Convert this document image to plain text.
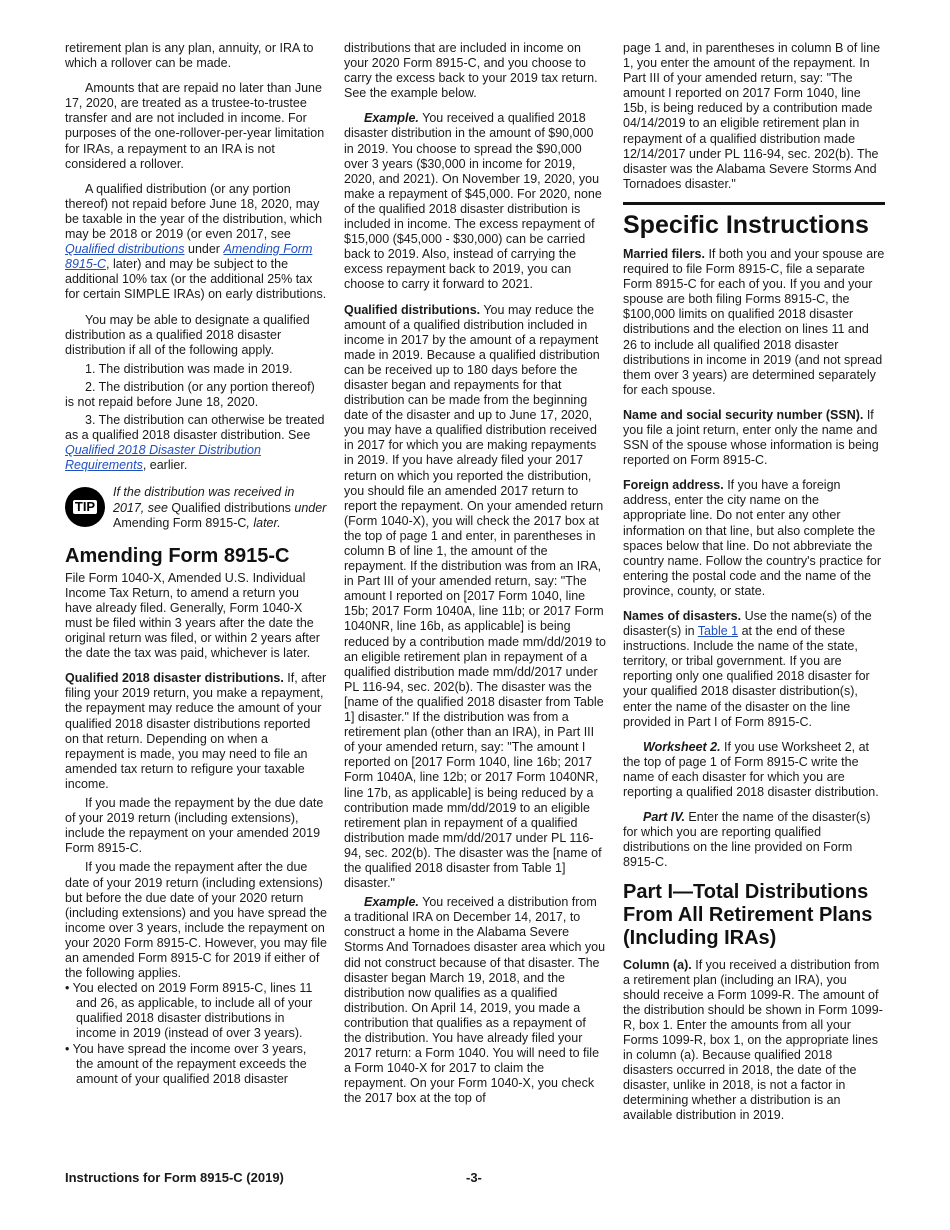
retirement plan is any plan, annuity, or IRA to which a rollover can be made.

Amounts that are repaid no later than June 17, 2020, are treated as a trustee-to-trustee transfer and are not included in income. For purposes of the one-rollover-per-year limitation for IRAs, a repayment to an IRA is not considered a rollover.

A qualified distribution (or any portion thereof) not repaid before June 18, 2020, may be taxable in the year of the distribution, which may be 2018 or 2019 (or even 2017, see Qualified distributions under Amending Form 8915-C, later) and may be subject to the additional 10% tax (or the additional 25% tax for certain SIMPLE IRAs) on early distributions.

You may be able to designate a qualified distribution as a qualified 2018 disaster distribution if all of the following apply.

1. The distribution was made in 2019.

2. The distribution (or any portion thereof) is not repaid before June 18, 2020.

3. The distribution can otherwise be treated as a qualified 2018 disaster distribution. See Qualified 2018 Disaster Distribution Requirements, earlier.

TIP
If the distribution was received in 2017, see Qualified distributions under Amending Form 8915-C, later.
Amending Form 8915-C

File Form 1040-X, Amended U.S. Individual Income Tax Return, to amend a return you have already filed. Generally, Form 1040-X must be filed within 3 years after the date the original return was filed, or within 2 years after the date the tax was paid, whichever is later.

Qualified 2018 disaster distributions. If, after filing your 2019 return, you make a repayment, the repayment may reduce the amount of your qualified 2018 disaster distributions reported on that return. Depending on when a repayment is made, you may need to file an amended tax return to refigure your taxable income.

If you made the repayment by the due date of your 2019 return (including extensions), include the repayment on your amended 2019 Form 8915-C.

If you made the repayment after the due date of your 2019 return (including extensions) but before the due date of your 2020 return (including extensions) and you have spread the income over 3 years, include the repayment on your 2020 Form 8915-C. However, you may file an amended Form 8915-C for 2019 if either of the following applies.

• You elected on 2019 Form 8915-C, lines 11 and 26, as applicable, to include all of your qualified 2018 disaster distributions in income in 2019 (instead of over 3 years).

• You have spread the income over 3 years, the amount of the repayment exceeds the amount of your qualified 2018 disaster

distributions that are included in income on your 2020 Form 8915-C, and you choose to carry the excess back to your 2019 tax return. See the example below.

Example. You received a qualified 2018 disaster distribution in the amount of $90,000 in 2019. You choose to spread the $90,000 over 3 years ($30,000 in income for 2019, 2020, and 2021). On November 19, 2020, you make a repayment of $45,000. For 2020, none of the qualified 2018 disaster distribution is included in income. The excess repayment of $15,000 ($45,000 - $30,000) can be carried back to 2019. Also, instead of carrying the excess repayment back to 2019, you can choose to carry it forward to 2021.

Qualified distributions. You may reduce the amount of a qualified distribution included in income in 2017 by the amount of a repayment made in 2019. Because a qualified distribution can be received up to 180 days before the disaster began and repayments for that distribution can be made from the beginning date of the disaster and up to June 17, 2020, you may have a qualified distribution received in 2017 for which you are making repayments in 2019. If you have already filed your 2017 return on which you reported the distribution, you should file an amended 2017 return to report the repayment. On your amended return (Form 1040-X), you will check the 2017 box at the top of page 1 and enter, in parentheses in column B of line 1, the amount of the repayment. If the distribution was from an IRA, in Part III of your amended return, say: "The amount I reported on [2017 Form 1040, line 15b; 2017 Form 1040A, line 11b; or 2017 Form 1040NR, line 16b, as applicable] is being reduced by a contribution made mm/dd/2019 to an eligible retirement plan in repayment of a qualified distribution made mm/dd/2017 under PL 116-94, sec. 202(b). The disaster was the [name of the qualified 2018 disaster from Table 1] disaster." If the distribution was from a retirement plan (other than an IRA), in Part III of your amended return, say: "The amount I reported on [2017 Form 1040, line 16b; 2017 Form 1040A, line 12b; or 2017 Form 1040NR, line 17b, as applicable] is being reduced by a contribution made mm/dd/2019 to an eligible retirement plan in repayment of a qualified distribution made mm/dd/2017 under PL 116-94, sec. 202(b). The disaster was the [name of the qualified 2018 disaster from Table 1] disaster."

Example. You received a distribution from a traditional IRA on December 14, 2017, to construct a home in the Alabama Severe Storms And Tornadoes disaster area which you did not construct because of that disaster. The disaster began March 19, 2018, and the distribution now qualifies as a qualified distribution. On April 14, 2019, you made a contribution that qualifies as a repayment of the distribution. You have already filed your 2017 return: a Form 1040. You will need to file a Form 1040-X for 2017 to claim the repayment. On your Form 1040-X, you check the 2017 box at the top of

page 1 and, in parentheses in column B of line 1, you enter the amount of the repayment. In Part III of your amended return, say: "The amount I reported on 2017 Form 1040, line 15b, is being reduced by a contribution made 04/14/2019 to an eligible retirement plan in repayment of a qualified distribution made 12/14/2017 under PL 116-94, sec. 202(b). The disaster was the Alabama Severe Storms And Tornadoes disaster."

Specific Instructions

Married filers. If both you and your spouse are required to file Form 8915-C, file a separate Form 8915-C for each of you. If you and your spouse are both filing Forms 8915-C, the $100,000 limits on qualified 2018 disaster distributions and the election on lines 11 and 26 to include all qualified 2018 disaster distributions in income in 2019 (and not spread them over 3 years) are determined separately for each spouse.

Name and social security number (SSN). If you file a joint return, enter only the name and SSN of the spouse whose information is being reported on Form 8915-C.

Foreign address. If you have a foreign address, enter the city name on the appropriate line. Do not enter any other information on that line, but also complete the spaces below that line. Do not abbreviate the country name. Follow the country's practice for entering the postal code and the name of the province, county, or state.

Names of disasters. Use the name(s) of the disaster(s) in Table 1 at the end of these instructions. Include the name of the state, territory, or tribal government. If you are reporting only one qualified 2018 disaster for your qualified 2018 disaster distribution(s), enter the name of the disaster on the line provided in Part I of Form 8915-C.

Worksheet 2. If you use Worksheet 2, at the top of page 1 of Form 8915-C write the name of each disaster for which you are reporting a qualified 2018 disaster distribution.

Part IV. Enter the name of the disaster(s) for which you are reporting qualified distributions on the line provided on Form 8915-C.

Part I—Total Distributions From All Retirement Plans (Including IRAs)

Column (a). If you received a distribution from a retirement plan (including an IRA), you should receive a Form 1099-R. The amount of the distribution should be shown in Form 1099-R, box 1. Enter the amounts from all your Forms 1099-R, box 1, on the appropriate lines in column (a). Because qualified 2018 disasters occurred in 2018, the date of the disaster, unlike in 2018, is not a factor in determining whether a distribution is an available distribution in 2019.

Instructions for Form 8915-C (2019)	-3-
